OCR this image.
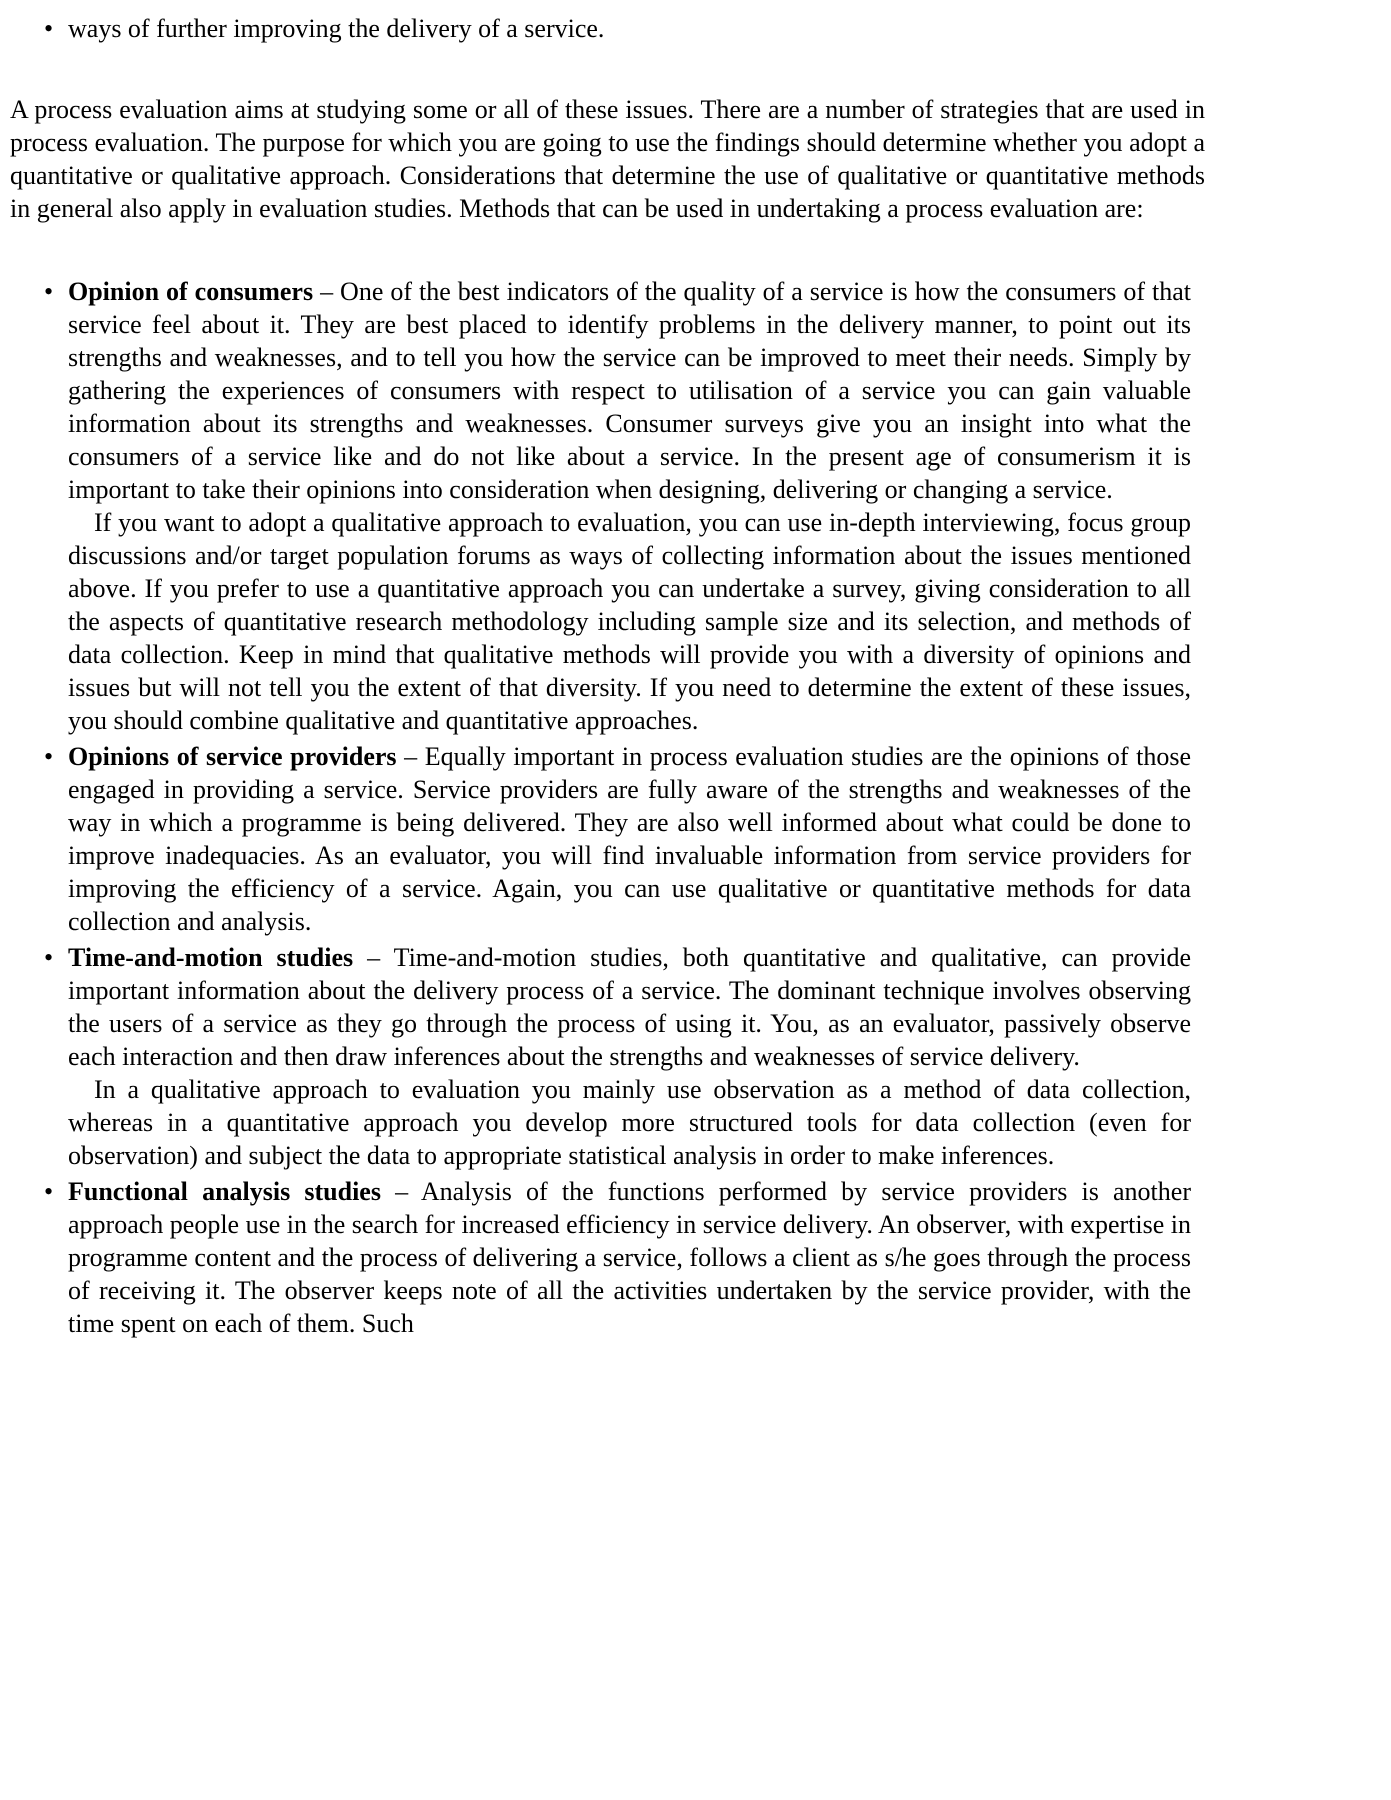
• ways of further improving the delivery of a service.

A process evaluation aims at studying some or all of these issues. There are a number of strategies that are used in process evaluation. The purpose for which you are going to use the findings should determine whether you adopt a quantitative or qualitative approach. Considerations that determine the use of qualitative or quantitative methods in general also apply in evaluation studies. Methods that can be used in undertaking a process evaluation are:

• Opinion of consumers – One of the best indicators of the quality of a service is how the consumers of that service feel about it. They are best placed to identify problems in the delivery manner, to point out its strengths and weaknesses, and to tell you how the service can be improved to meet their needs. Simply by gathering the experiences of consumers with respect to utilisation of a service you can gain valuable information about its strengths and weaknesses. Consumer surveys give you an insight into what the consumers of a service like and do not like about a service. In the present age of consumerism it is important to take their opinions into consideration when designing, delivering or changing a service.

If you want to adopt a qualitative approach to evaluation, you can use in-depth interviewing, focus group discussions and/or target population forums as ways of collecting information about the issues mentioned above. If you prefer to use a quantitative approach you can undertake a survey, giving consideration to all the aspects of quantitative research methodology including sample size and its selection, and methods of data collection. Keep in mind that qualitative methods will provide you with a diversity of opinions and issues but will not tell you the extent of that diversity. If you need to determine the extent of these issues, you should combine qualitative and quantitative approaches.

• Opinions of service providers – Equally important in process evaluation studies are the opinions of those engaged in providing a service. Service providers are fully aware of the strengths and weaknesses of the way in which a programme is being delivered. They are also well informed about what could be done to improve inadequacies. As an evaluator, you will find invaluable information from service providers for improving the efficiency of a service. Again, you can use qualitative or quantitative methods for data collection and analysis.

• Time-and-motion studies – Time-and-motion studies, both quantitative and qualitative, can provide important information about the delivery process of a service. The dominant technique involves observing the users of a service as they go through the process of using it. You, as an evaluator, passively observe each interaction and then draw inferences about the strengths and weaknesses of service delivery.

In a qualitative approach to evaluation you mainly use observation as a method of data collection, whereas in a quantitative approach you develop more structured tools for data collection (even for observation) and subject the data to appropriate statistical analysis in order to make inferences.

• Functional analysis studies – Analysis of the functions performed by service providers is another approach people use in the search for increased efficiency in service delivery. An observer, with expertise in programme content and the process of delivering a service, follows a client as s/he goes through the process of receiving it. The observer keeps note of all the activities undertaken by the service provider, with the time spent on each of them. Such
